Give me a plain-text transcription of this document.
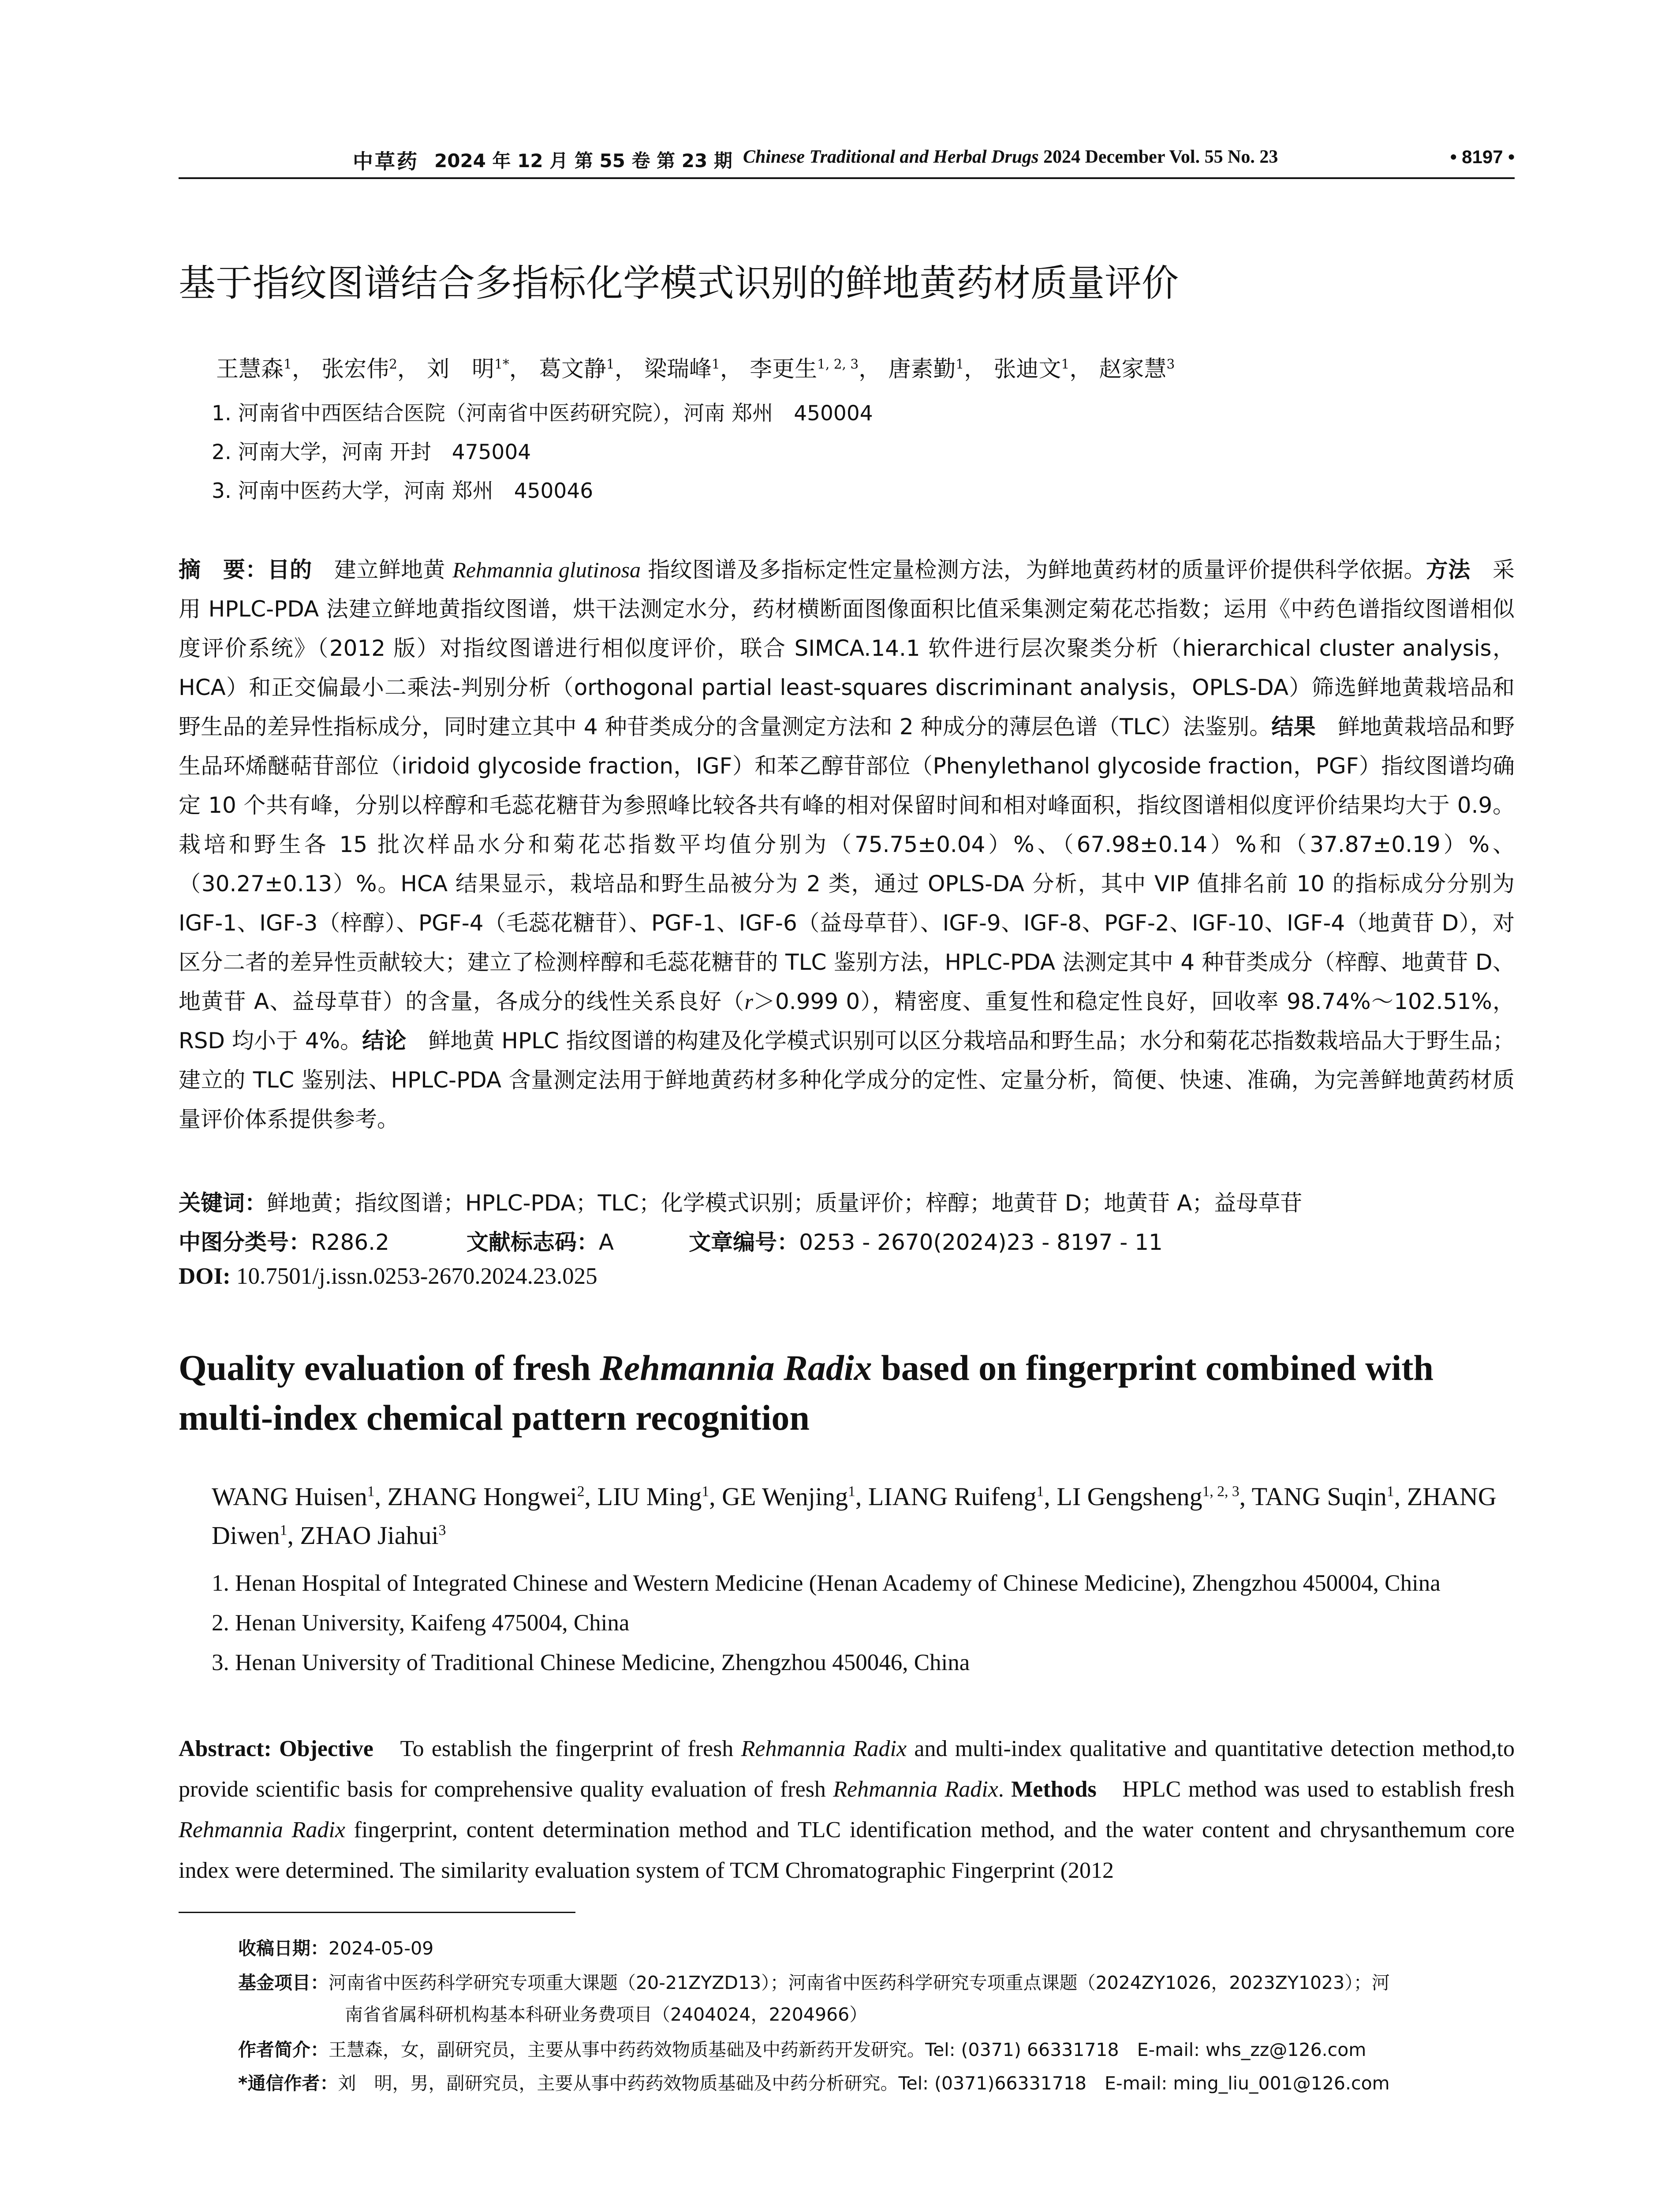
中草药 2024 年 12 月 第 55 卷 第 23 期 Chinese Traditional and Herbal Drugs 2024 December Vol. 55 No. 23	• 8197 •
基于指纹图谱结合多指标化学模式识别的鲜地黄药材质量评价
王慧森$^1$， 张宏伟$^2$， 刘　明$^{1*}$， 葛文静$^1$， 梁瑞峰$^1$， 李更生$^{1, 2, 3}$， 唐素勤$^1$， 张迪文$^1$， 赵家慧$^3$
1. 河南省中西医结合医院（河南省中医药研究院），河南 郑州　450004
2. 河南大学，河南 开封　475004
3. 河南中医药大学，河南 郑州　450046
摘　要：目的　建立鲜地黄 Rehmannia glutinosa 指纹图谱及多指标定性定量检测方法，为鲜地黄药材的质量评价提供科学依据。方法　采用 HPLC-PDA 法建立鲜地黄指纹图谱，烘干法测定水分，药材横断面图像面积比值采集测定菊花芯指数；运用《中药色谱指纹图谱相似度评价系统》（2012 版）对指纹图谱进行相似度评价，联合 SIMCA.14.1 软件进行层次聚类分析（hierarchical cluster analysis，HCA）和正交偏最小二乘法-判别分析（orthogonal partial least-squares discriminant analysis，OPLS-DA）筛选鲜地黄栽培品和野生品的差异性指标成分，同时建立其中 4 种苷类成分的含量测定方法和 2 种成分的薄层色谱（TLC）法鉴别。结果　鲜地黄栽培品和野生品环烯醚萜苷部位（iridoid glycoside fraction，IGF）和苯乙醇苷部位（Phenylethanol glycoside fraction，PGF）指纹图谱均确定 10 个共有峰，分别以梓醇和毛蕊花糖苷为参照峰比较各共有峰的相对保留时间和相对峰面积，指纹图谱相似度评价结果均大于 0.9。栽培和野生各 15 批次样品水分和菊花芯指数平均值分别为（75.75±0.04）%、（67.98±0.14）%和（37.87±0.19）%、（30.27±0.13）%。HCA 结果显示，栽培品和野生品被分为 2 类，通过 OPLS-DA 分析，其中 VIP 值排名前 10 的指标成分分别为 IGF-1、IGF-3（梓醇）、PGF-4（毛蕊花糖苷）、PGF-1、IGF-6（益母草苷）、IGF-9、IGF-8、PGF-2、IGF-10、IGF-4（地黄苷 D），对区分二者的差异性贡献较大；建立了检测梓醇和毛蕊花糖苷的 TLC 鉴别方法，HPLC-PDA 法测定其中 4 种苷类成分（梓醇、地黄苷 D、地黄苷 A、益母草苷）的含量，各成分的线性关系良好（r＞0.999 0），精密度、重复性和稳定性良好，回收率 98.74%～102.51%，RSD 均小于 4%。结论　鲜地黄 HPLC 指纹图谱的构建及化学模式识别可以区分栽培品和野生品；水分和菊花芯指数栽培品大于野生品；建立的 TLC 鉴别法、HPLC-PDA 含量测定法用于鲜地黄药材多种化学成分的定性、定量分析，简便、快速、准确，为完善鲜地黄药材质量评价体系提供参考。
关键词：鲜地黄；指纹图谱；HPLC-PDA；TLC；化学模式识别；质量评价；梓醇；地黄苷 D；地黄苷 A；益母草苷
中图分类号：R286.2	文献标志码：A	文章编号：0253 - 2670(2024)23 - 8197 - 11
DOI: 10.7501/j.issn.0253-2670.2024.23.025
Quality evaluation of fresh Rehmannia Radix based on fingerprint combined with multi-index chemical pattern recognition
WANG Huisen$^1$, ZHANG Hongwei$^2$, LIU Ming$^1$, GE Wenjing$^1$, LIANG Ruifeng$^1$, LI Gengsheng$^{1, 2, 3}$, TANG Suqin$^1$, ZHANG Diwen$^1$, ZHAO Jiahui$^3$
1. Henan Hospital of Integrated Chinese and Western Medicine (Henan Academy of Chinese Medicine), Zhengzhou 450004, China
2. Henan University, Kaifeng 475004, China
3. Henan University of Traditional Chinese Medicine, Zhengzhou 450046, China
Abstract: Objective　To establish the fingerprint of fresh Rehmannia Radix and multi-index qualitative and quantitative detection method,to provide scientific basis for comprehensive quality evaluation of fresh Rehmannia Radix. Methods　HPLC method was used to establish fresh Rehmannia Radix fingerprint, content determination method and TLC identification method, and the water content and chrysanthemum core index were determined. The similarity evaluation system of TCM Chromatographic Fingerprint (2012
收稿日期：2024-05-09
基金项目：河南省中医药科学研究专项重大课题（20-21ZYZD13）；河南省中医药科学研究专项重点课题（2024ZY1026，2023ZY1023）；河
南省省属科研机构基本科研业务费项目（2404024，2204966）
作者简介：王慧森，女，副研究员，主要从事中药药效物质基础及中药新药开发研究。Tel: (0371) 66331718　E-mail: whs_zz@126.com
*通信作者：刘　明，男，副研究员，主要从事中药药效物质基础及中药分析研究。Tel: (0371)66331718　E-mail: ming_liu_001@126.com
